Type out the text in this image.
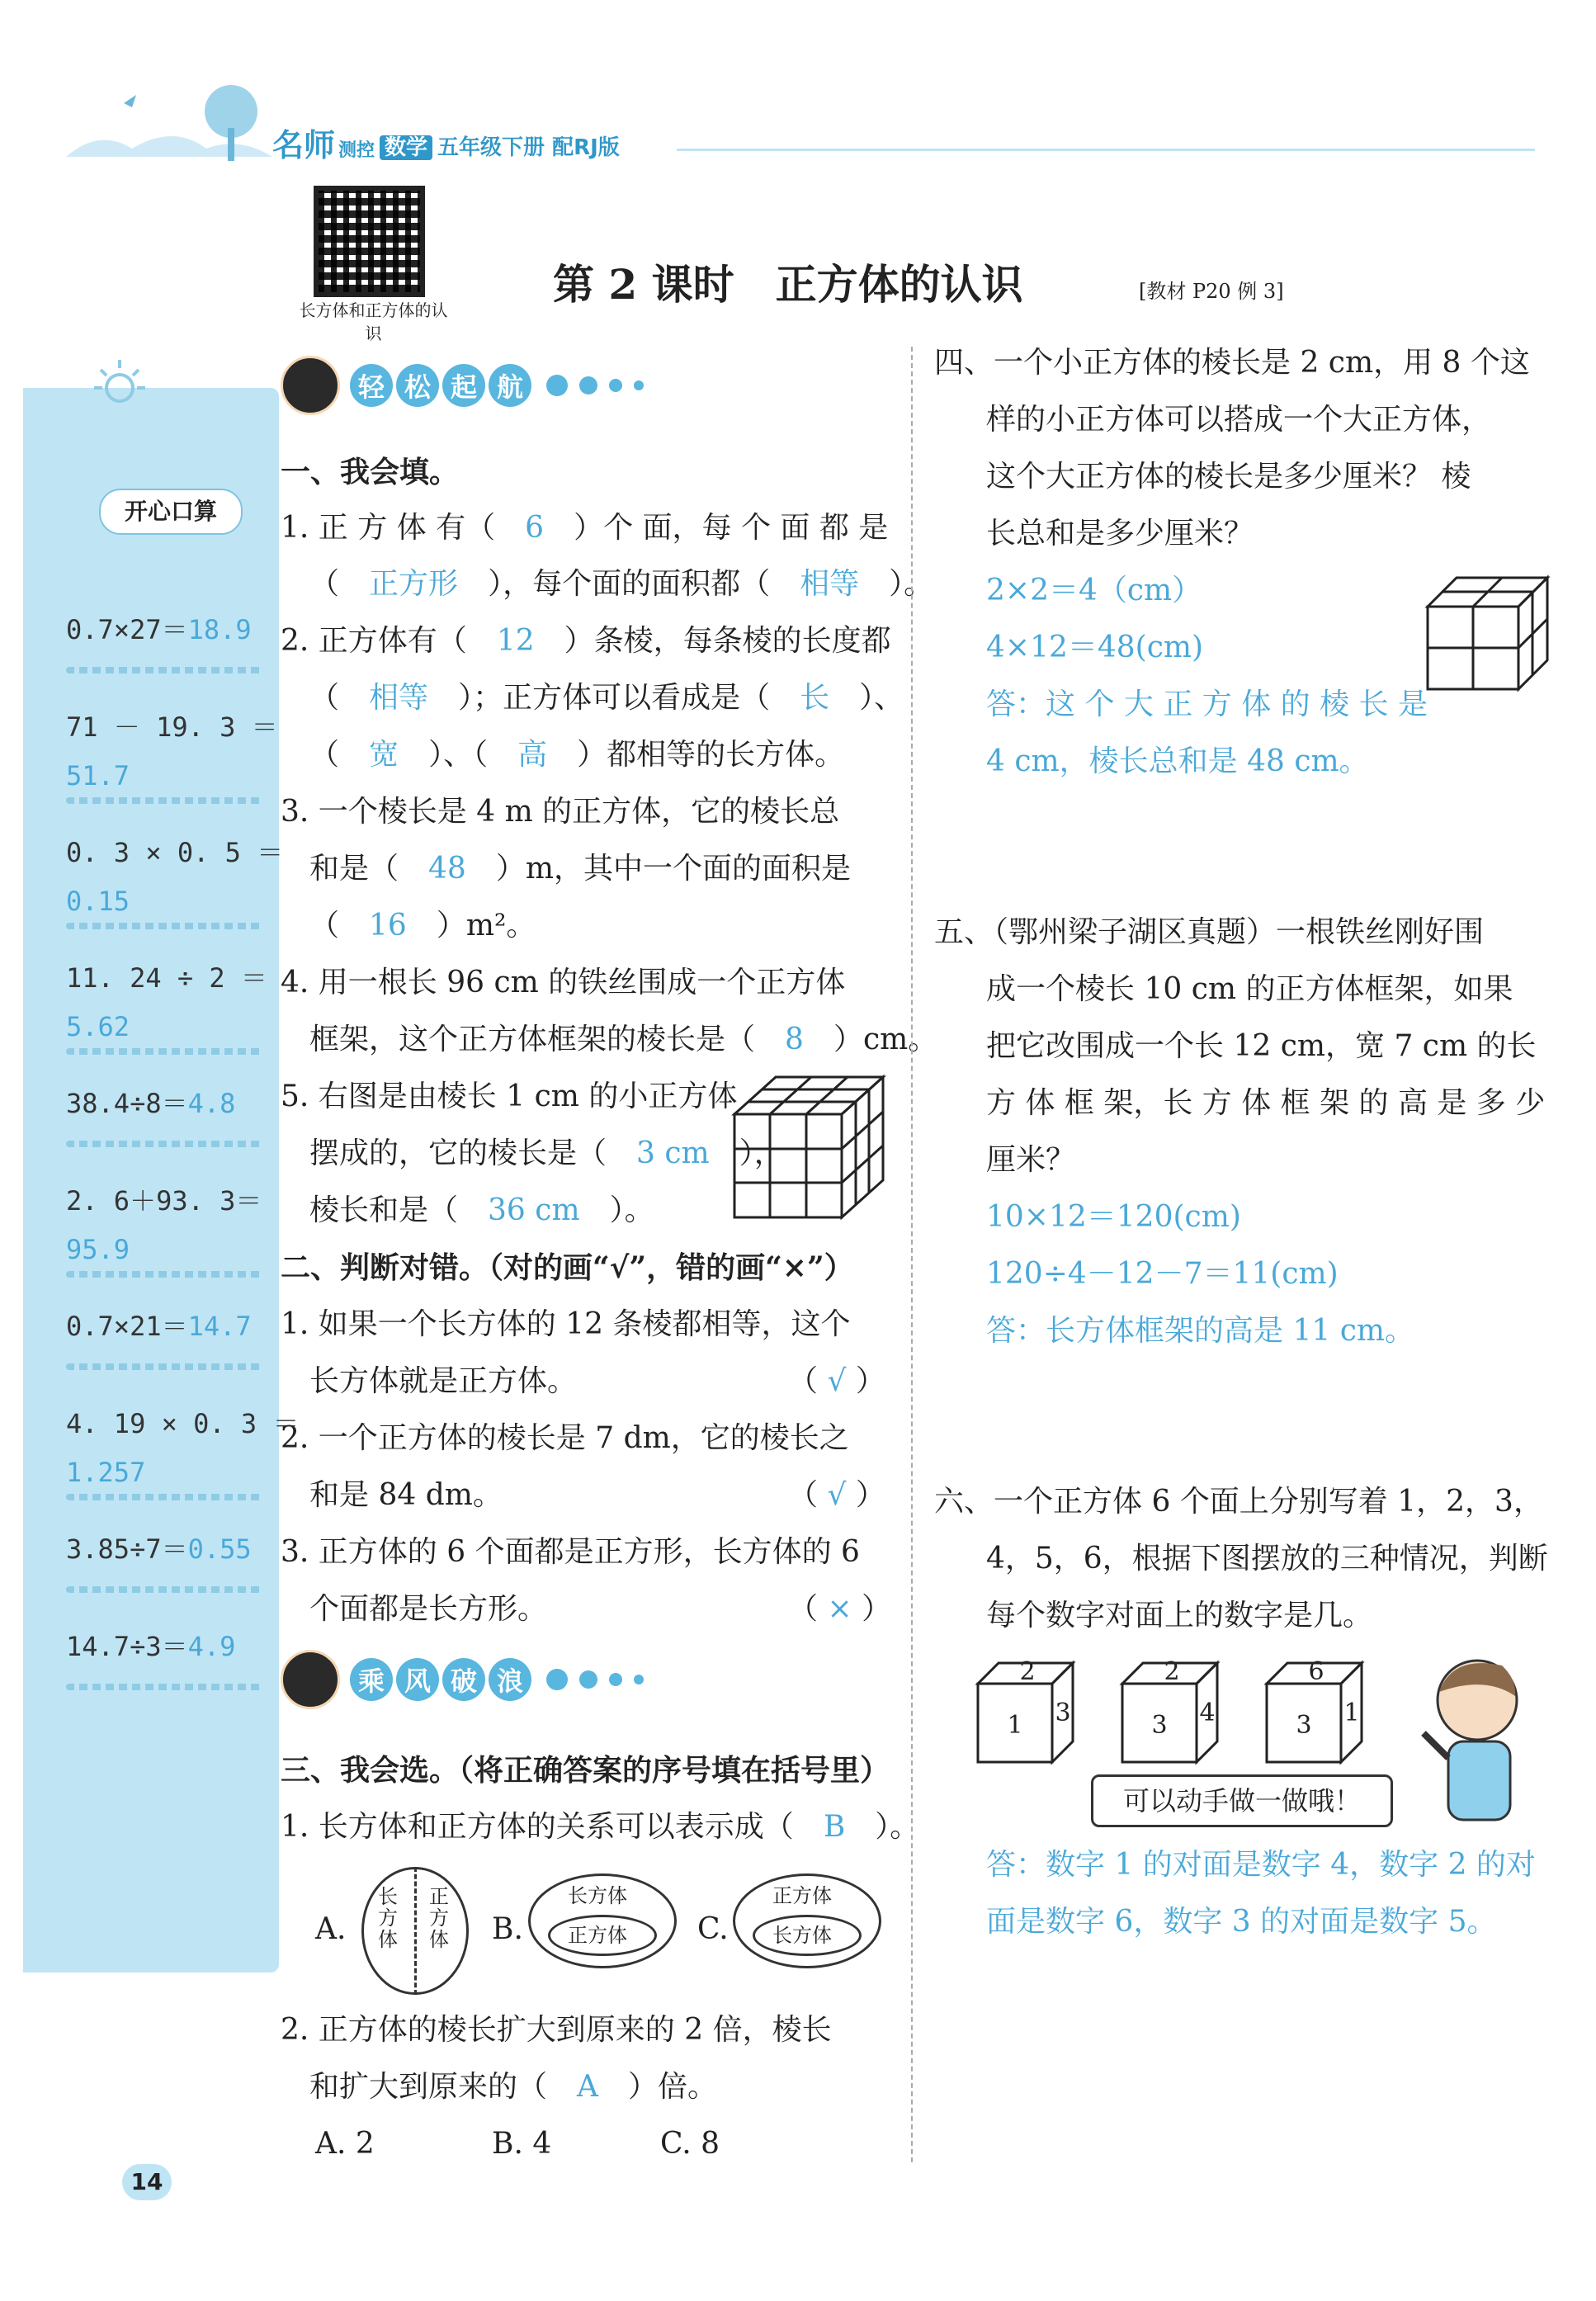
名师 测控 数学 五年级下册 配RJ版
开心口算
0.7×27＝18.9
71 － 19. 3 ＝
51.7
0. 3 × 0. 5 ＝
0.15
11. 24 ÷ 2 ＝
5.62
38.4÷8＝4.8
2. 6＋93. 3＝
95.9
0.7×21＝14.7
4. 19 × 0. 3 ＝
1.257
3.85÷7＝0.55
14.7÷3＝4.9
长方体和正方体的认识
第 2 课时　正方体的认识	[教材 P20 例 3]
轻 松 起 航
一、我会填。
1. 正 方 体 有（　 6　 ）个 面，每 个 面 都 是
（　 正方形　 ），每个面的面积都（　 相等　 ）。
2. 正方体有（　 12　 ）条棱，每条棱的长度都
（　 相等　 ）；正方体可以看成是（　 长　 ）、
（　 宽　 ）、（　 高　 ）都相等的长方体。
3. 一个棱长是 4 m 的正方体，它的棱长总
和是（　 48　 ）m，其中一个面的面积是
（　 16　 ）m²。
4. 用一根长 96 cm 的铁丝围成一个正方体
框架，这个正方体框架的棱长是（　 8　 ）cm。
5. 右图是由棱长 1 cm 的小正方体
摆成的，它的棱长是（　 3 cm　 ），
棱长和是（　 36 cm　 ）。
二、判断对错。（对的画“√”，错的画“×”）
1. 如果一个长方体的 12 条棱都相等，这个
长方体就是正方体。	（ √ ）
2. 一个正方体的棱长是 7 dm，它的棱长之
和是 84 dm。	（ √ ）
3. 正方体的 6 个面都是正方形，长方体的 6
个面都是长方形。	（ × ）
乘 风 破 浪
三、我会选。（将正确答案的序号填在括号里）
1. 长方体和正方体的关系可以表示成（　 B　 ）。
A.
长方体
正方体 B.
长方体
正方体 C.
正方体
长方体
2. 正方体的棱长扩大到原来的 2 倍，棱长
和扩大到原来的（　 A　 ）倍。
A. 2	B. 4	C. 8
四、一个小正方体的棱长是 2 cm，用 8 个这
样的小正方体可以搭成一个大正方体，
这个大正方体的棱长是多少厘米？ 棱
长总和是多少厘米？
2×2＝4（cm）
4×12＝48(cm)
答：这 个 大 正 方 体 的 棱 长 是
4 cm，棱长总和是 48 cm。
五、（鄂州梁子湖区真题）一根铁丝刚好围
成一个棱长 10 cm 的正方体框架，如果
把它改围成一个长 12 cm，宽 7 cm 的长
方 体 框 架，长 方 体 框 架 的 高 是 多 少
厘米？
10×12＝120(cm)
120÷4－12－7＝11(cm)
答：长方体框架的高是 11 cm。
六、一个正方体 6 个面上分别写着 1，2，3，
4，5，6，根据下图摆放的三种情况，判断
每个数字对面上的数字是几。
2
1 3
2
3 4
6
3 1
可以动手做一做哦！
答：数字 1 的对面是数字 4，数字 2 的对
面是数字 6，数字 3 的对面是数字 5。
14
